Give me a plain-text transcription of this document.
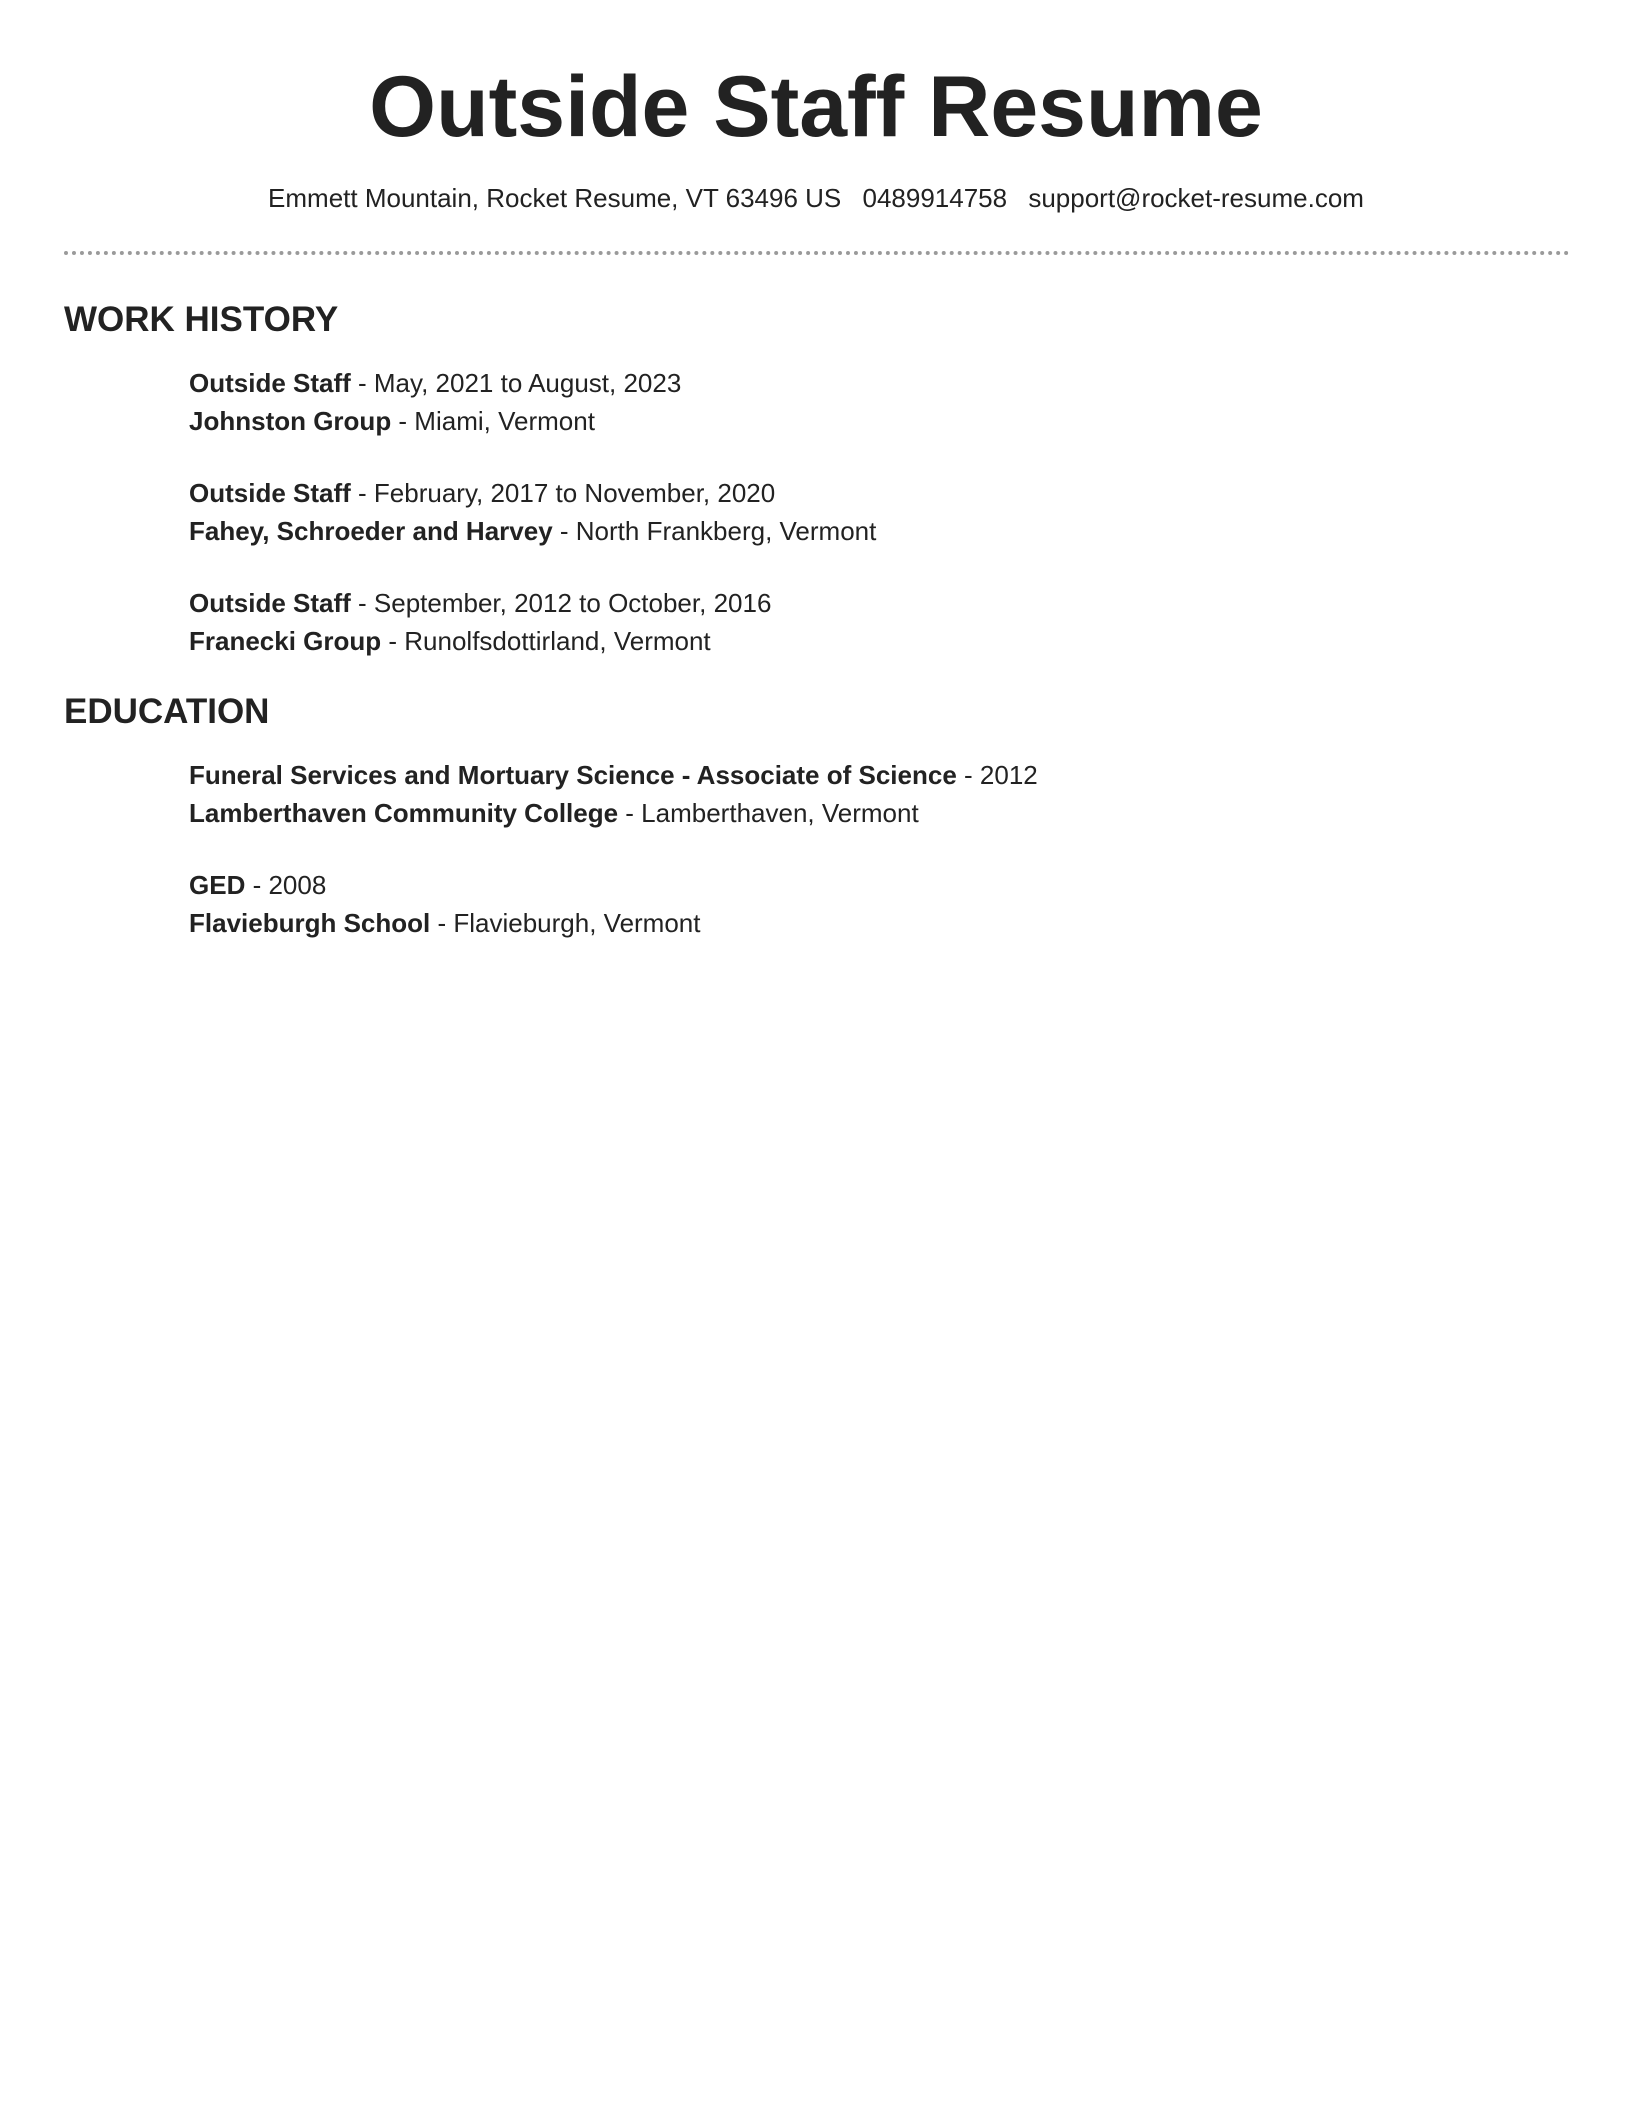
Outside Staff Resume
Emmett Mountain, Rocket Resume, VT 63496 US 0489914758 support@rocket-resume.com
WORK HISTORY
Outside Staff - May, 2021 to August, 2023
Johnston Group - Miami, Vermont
Outside Staff - February, 2017 to November, 2020
Fahey, Schroeder and Harvey - North Frankberg, Vermont
Outside Staff - September, 2012 to October, 2016
Franecki Group - Runolfsdottirland, Vermont
EDUCATION
Funeral Services and Mortuary Science - Associate of Science - 2012
Lamberthaven Community College - Lamberthaven, Vermont
GED - 2008
Flavieburgh School - Flavieburgh, Vermont
